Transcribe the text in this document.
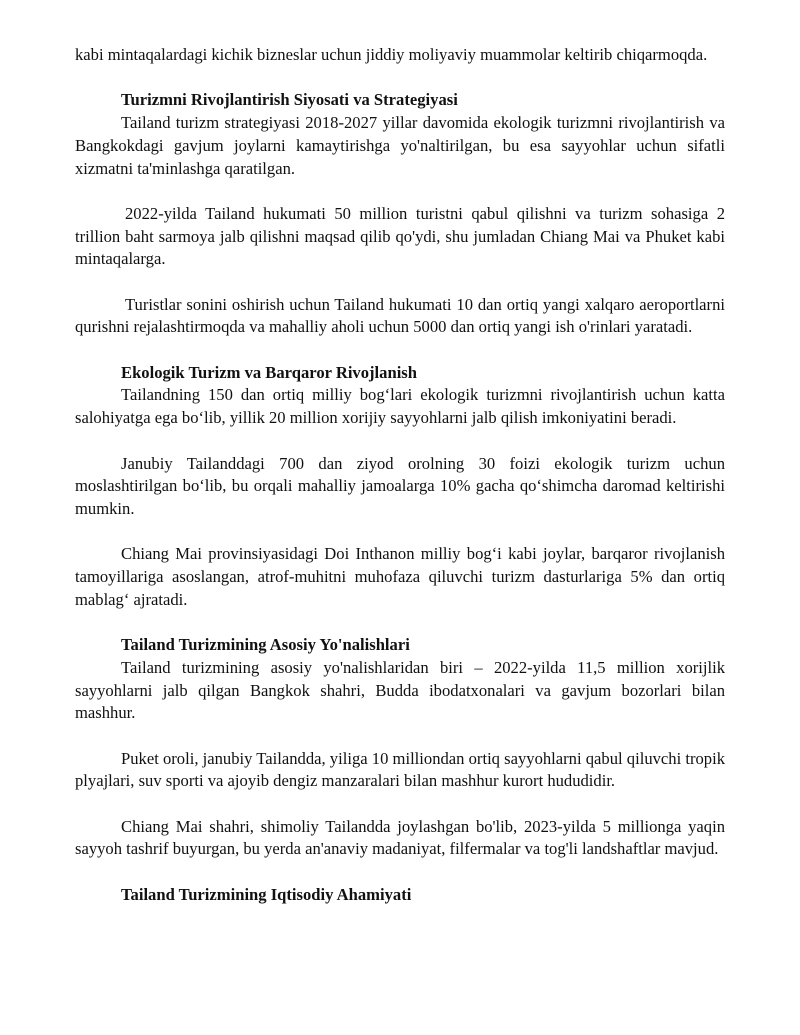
kabi mintaqalardagi kichik bizneslar uchun jiddiy moliyaviy muammolar keltirib chiqarmoqda.

Turizmni Rivojlantirish Siyosati va Strategiyasi

Tailand turizm strategiyasi 2018-2027 yillar davomida ekologik turizmni rivojlantirish va Bangkokdagi gavjum joylarni kamaytirishga yo'naltirilgan, bu esa sayyohlar uchun sifatli xizmatni ta'minlashga qaratilgan.

2022-yilda Tailand hukumati 50 million turistni qabul qilishni va turizm sohasiga 2 trillion baht sarmoya jalb qilishni maqsad qilib qo'ydi, shu jumladan Chiang Mai va Phuket kabi mintaqalarga.

Turistlar sonini oshirish uchun Tailand hukumati 10 dan ortiq yangi xalqaro aeroportlarni qurishni rejalashtirmoqda va mahalliy aholi uchun 5000 dan ortiq yangi ish o'rinlari yaratadi.

Ekologik Turizm va Barqaror Rivojlanish

Tailandning 150 dan ortiq milliy bog‘lari ekologik turizmni rivojlantirish uchun katta salohiyatga ega bo‘lib, yillik 20 million xorijiy sayyohlarni jalb qilish imkoniyatini beradi.

Janubiy Tailanddagi 700 dan ziyod orolning 30 foizi ekologik turizm uchun moslashtirilgan bo‘lib, bu orqali mahalliy jamoalarga 10% gacha qo‘shimcha daromad keltirishi mumkin.

Chiang Mai provinsiyasidagi Doi Inthanon milliy bog‘i kabi joylar, barqaror rivojlanish tamoyillariga asoslangan, atrof-muhitni muhofaza qiluvchi turizm dasturlariga 5% dan ortiq mablag‘ ajratadi.

Tailand Turizmining Asosiy Yo'nalishlari

Tailand turizmining asosiy yo'nalishlaridan biri – 2022-yilda 11,5 million xorijlik sayyohlarni jalb qilgan Bangkok shahri, Budda ibodatxonalari va gavjum bozorlari bilan mashhur.

Puket oroli, janubiy Tailandda, yiliga 10 milliondan ortiq sayyohlarni qabul qiluvchi tropik plyajlari, suv sporti va ajoyib dengiz manzaralari bilan mashhur kurort hududidir.

Chiang Mai shahri, shimoliy Tailandda joylashgan bo'lib, 2023-yilda 5 millionga yaqin sayyoh tashrif buyurgan, bu yerda an'anaviy madaniyat, filfermalar va tog'li landshaftlar mavjud.

Tailand Turizmining Iqtisodiy Ahamiyati
